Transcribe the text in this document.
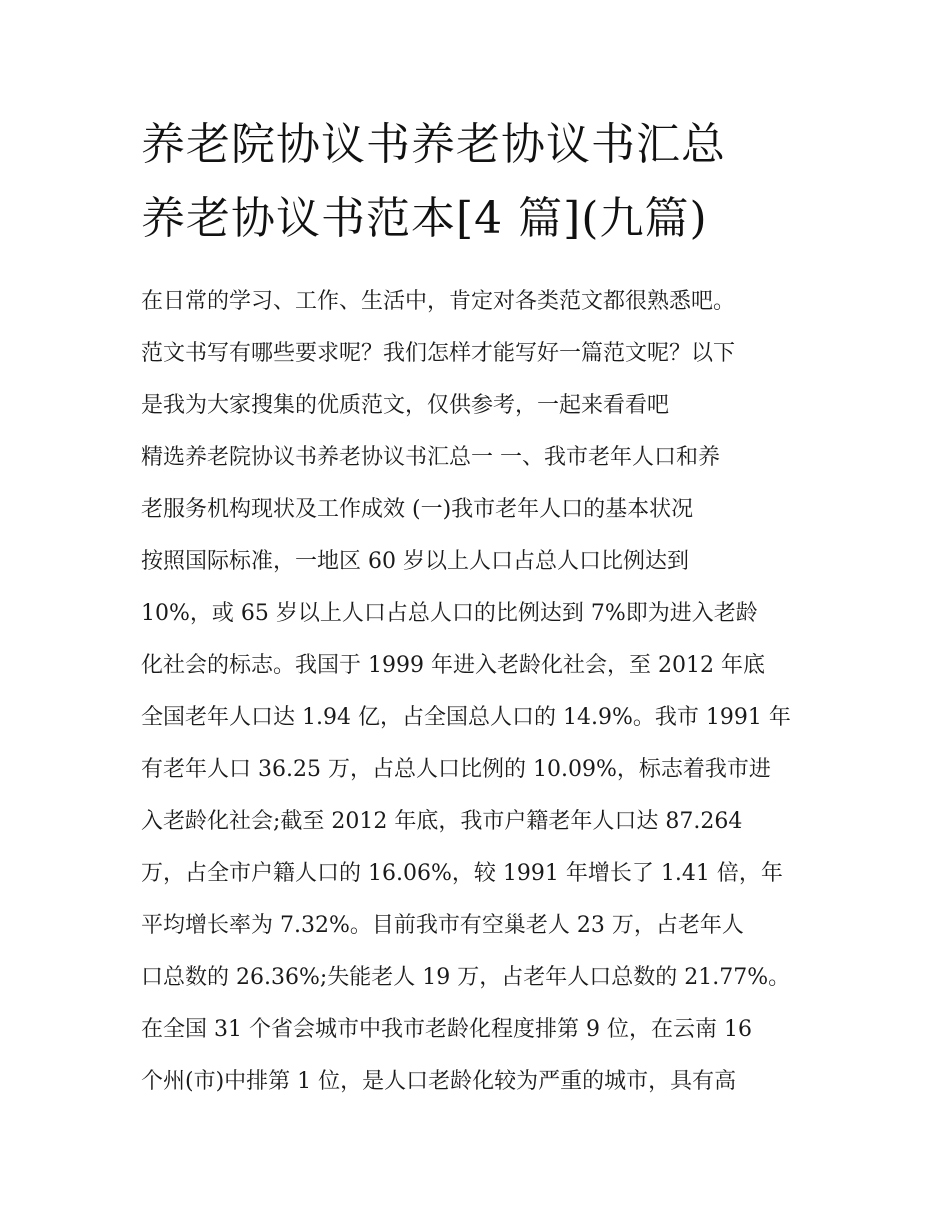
养老院协议书养老协议书汇总
养老协议书范本[4 篇](九篇)
在日常的学习、工作、生活中，肯定对各类范文都很熟悉吧。
范文书写有哪些要求呢？我们怎样才能写好一篇范文呢？以下
是我为大家搜集的优质范文，仅供参考，一起来看看吧
精选养老院协议书养老协议书汇总一 一、我市老年人口和养
老服务机构现状及工作成效 (一)我市老年人口的基本状况
按照国际标准，一地区 60 岁以上人口占总人口比例达到
10%，或 65 岁以上人口占总人口的比例达到 7%即为进入老龄
化社会的标志。我国于 1999 年进入老龄化社会，至 2012 年底
全国老年人口达 1.94 亿，占全国总人口的 14.9%。我市 1991 年
有老年人口 36.25 万，占总人口比例的 10.09%，标志着我市进
入老龄化社会;截至 2012 年底，我市户籍老年人口达 87.264
万，占全市户籍人口的 16.06%，较 1991 年增长了 1.41 倍，年
平均增长率为 7.32%。目前我市有空巢老人 23 万，占老年人
口总数的 26.36%;失能老人 19 万，占老年人口总数的 21.77%。
在全国 31 个省会城市中我市老龄化程度排第 9 位，在云南 16
个州(市)中排第 1 位，是人口老龄化较为严重的城市，具有高
